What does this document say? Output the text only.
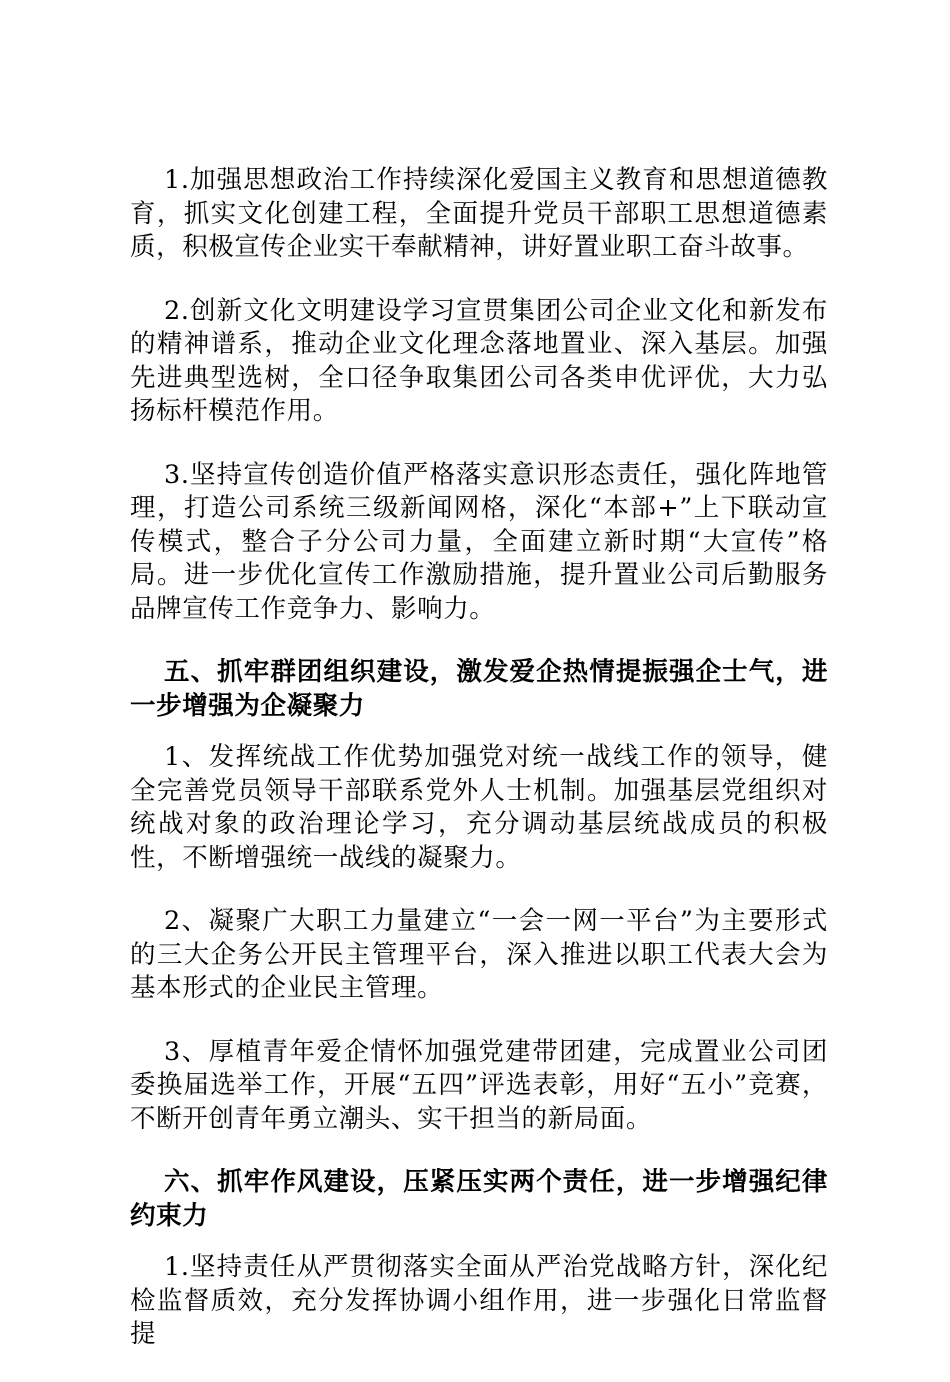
1.加强思想政治工作持续深化爱国主义教育和思想道德教育，抓实文化创建工程，全面提升党员干部职工思想道德素质，积极宣传企业实干奉献精神，讲好置业职工奋斗故事。

2.创新文化文明建设学习宣贯集团公司企业文化和新发布的精神谱系，推动企业文化理念落地置业、深入基层。加强先进典型选树，全口径争取集团公司各类申优评优，大力弘扬标杆模范作用。

3.坚持宣传创造价值严格落实意识形态责任，强化阵地管理，打造公司系统三级新闻网格，深化“本部+”上下联动宣传模式，整合子分公司力量，全面建立新时期“大宣传”格局。进一步优化宣传工作激励措施，提升置业公司后勤服务品牌宣传工作竞争力、影响力。

五、抓牢群团组织建设，激发爱企热情提振强企士气，进一步增强为企凝聚力

1、发挥统战工作优势加强党对统一战线工作的领导，健全完善党员领导干部联系党外人士机制。加强基层党组织对统战对象的政治理论学习，充分调动基层统战成员的积极性，不断增强统一战线的凝聚力。

2、凝聚广大职工力量建立“一会一网一平台”为主要形式的三大企务公开民主管理平台，深入推进以职工代表大会为基本形式的企业民主管理。

3、厚植青年爱企情怀加强党建带团建，完成置业公司团委换届选举工作，开展“五四”评选表彰，用好“五小”竞赛，不断开创青年勇立潮头、实干担当的新局面。

六、抓牢作风建设，压紧压实两个责任，进一步增强纪律约束力

1.坚持责任从严贯彻落实全面从严治党战略方针，深化纪检监督质效，充分发挥协调小组作用，进一步强化日常监督提
